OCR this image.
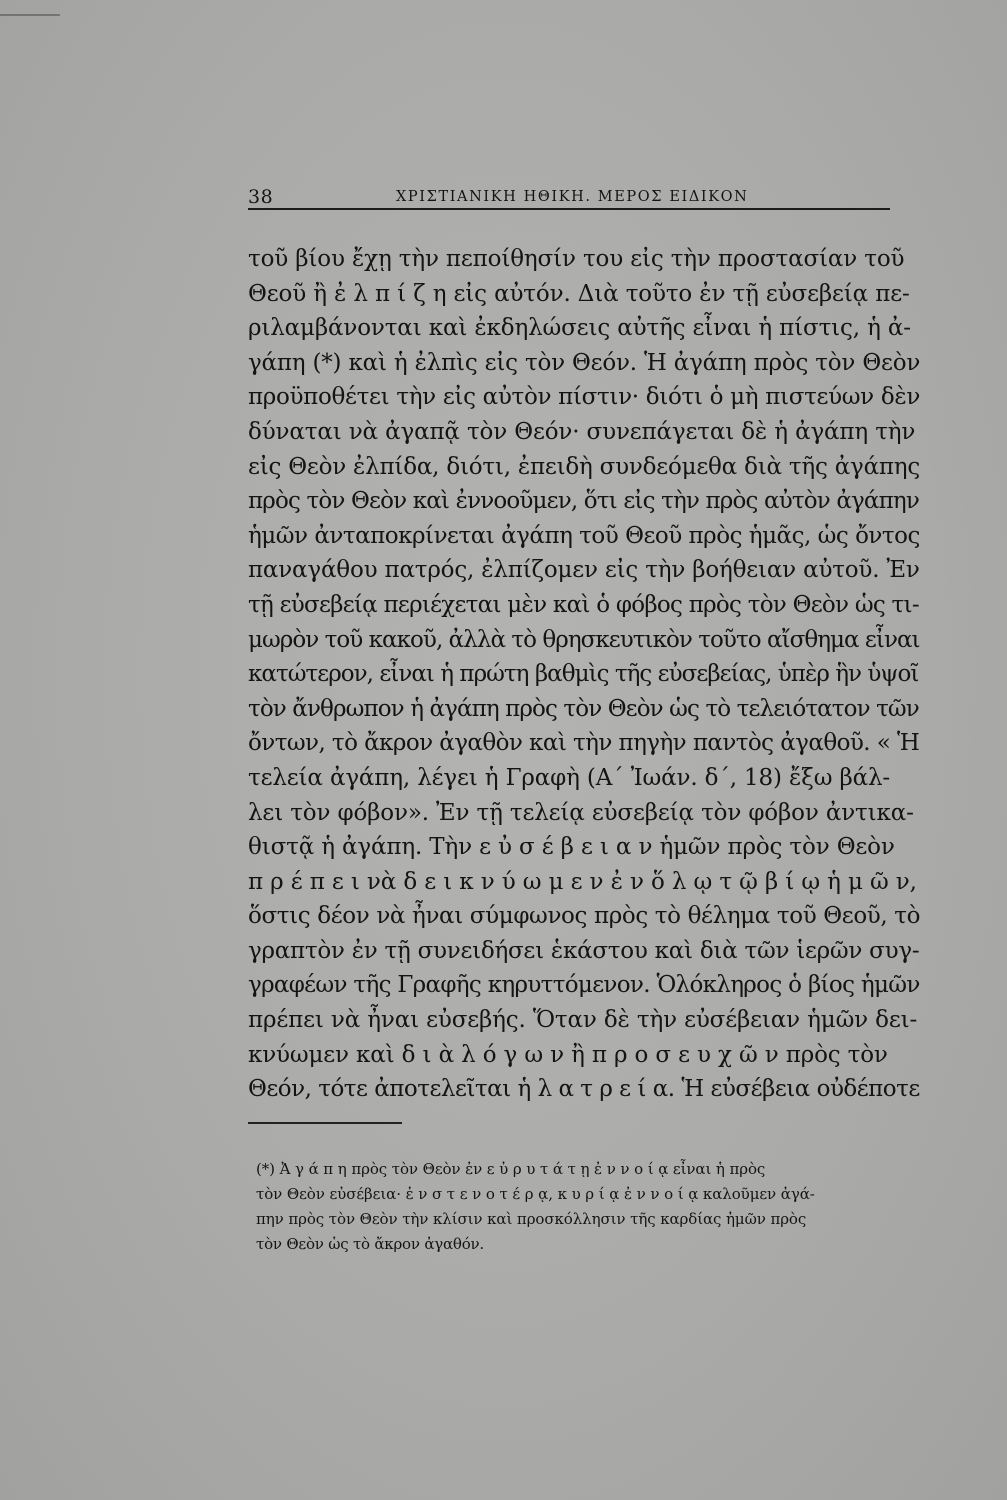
38	ΧΡΙΣΤΙΑΝΙΚΗ ΗΘΙΚΗ. ΜΕΡΟΣ ΕΙΔΙΚΟΝ
τοῦ βίου ἔχῃ τὴν πεποίθησίν του εἰς τὴν προστασίαν τοῦ
Θεοῦ ἢ ἐ λ π ί ζ η εἰς αὐτόν. Διὰ τοῦτο ἐν τῇ εὐσεβείᾳ πε-
ριλαμβάνονται καὶ ἐκδηλώσεις αὐτῆς εἶναι ἡ πίστις, ἡ ἀ-
γάπη (*) καὶ ἡ ἐλπὶς εἰς τὸν Θεόν. Ἡ ἀγάπη πρὸς τὸν Θεὸν
προϋποθέτει τὴν εἰς αὐτὸν πίστιν· διότι ὁ μὴ πιστεύων δὲν
δύναται νὰ ἀγαπᾷ τὸν Θεόν· συνεπάγεται δὲ ἡ ἀγάπη τὴν
εἰς Θεὸν ἐλπίδα, διότι, ἐπειδὴ συνδεόμεθα διὰ τῆς ἀγάπης
πρὸς τὸν Θεὸν καὶ ἐννοοῦμεν, ὅτι εἰς τὴν πρὸς αὐτὸν ἀγάπην
ἡμῶν ἀνταποκρίνεται ἀγάπη τοῦ Θεοῦ πρὸς ἡμᾶς, ὡς ὄντος
παναγάθου πατρός, ἐλπίζομεν εἰς τὴν βοήθειαν αὐτοῦ. Ἐν
τῇ εὐσεβείᾳ περιέχεται μὲν καὶ ὁ φόβος πρὸς τὸν Θεὸν ὡς τι-
μωρὸν τοῦ κακοῦ, ἀλλὰ τὸ θρησκευτικὸν τοῦτο αἴσθημα εἶναι
κατώτερον, εἶναι ἡ πρώτη βαθμὶς τῆς εὐσεβείας, ὑπὲρ ἣν ὑψοῖ
τὸν ἄνθρωπον ἡ ἀγάπη πρὸς τὸν Θεὸν ὡς τὸ τελειότατον τῶν
ὄντων, τὸ ἄκρον ἀγαθὸν καὶ τὴν πηγὴν παντὸς ἀγαθοῦ. « Ἡ
τελεία ἀγάπη, λέγει ἡ Γραφὴ (Α΄ Ἰωάν. δ΄, 18) ἔξω βάλ-
λει τὸν φόβον». Ἐν τῇ τελείᾳ εὐσεβείᾳ τὸν φόβον ἀντικα-
θιστᾷ ἡ ἀγάπη. Τὴν ε ὐ σ έ β ε ι α ν ἡμῶν πρὸς τὸν Θεὸν
π ρ έ π ε ι νὰ δ ε ι κ ν ύ ω μ ε ν ἐ ν ὅ λ ῳ τ ῷ β ί ῳ ἡ μ ῶ ν,
ὅστις δέον νὰ ἦναι σύμφωνος πρὸς τὸ θέλημα τοῦ Θεοῦ, τὸ
γραπτὸν ἐν τῇ συνειδήσει ἑκάστου καὶ διὰ τῶν ἱερῶν συγ-
γραφέων τῆς Γραφῆς κηρυττόμενον. Ὁλόκληρος ὁ βίος ἡμῶν
πρέπει νὰ ἦναι εὐσεβής. Ὅταν δὲ τὴν εὐσέβειαν ἡμῶν δει-
κνύωμεν καὶ δ ι ὰ λ ό γ ω ν ἢ π ρ ο σ ε υ χ ῶ ν πρὸς τὸν
Θεόν, τότε ἀποτελεῖται ἡ λ α τ ρ ε ί α. Ἡ εὐσέβεια οὐδέποτε
(*) Ἀ γ ά π η πρὸς τὸν Θεὸν ἐν ε ὐ ρ υ τ ά τ ῃ ἐ ν ν ο ί ᾳ εἶναι ἡ πρὸς
τὸν Θεὸν εὐσέβεια· ἐ ν σ τ ε ν ο τ έ ρ ᾳ, κ υ ρ ί ᾳ ἐ ν ν ο ί ᾳ καλοῦμεν ἀγά-
πην πρὸς τὸν Θεὸν τὴν κλίσιν καὶ προσκόλλησιν τῆς καρδίας ἡμῶν πρὸς
τὸν Θεὸν ὡς τὸ ἄκρον ἀγαθόν.
